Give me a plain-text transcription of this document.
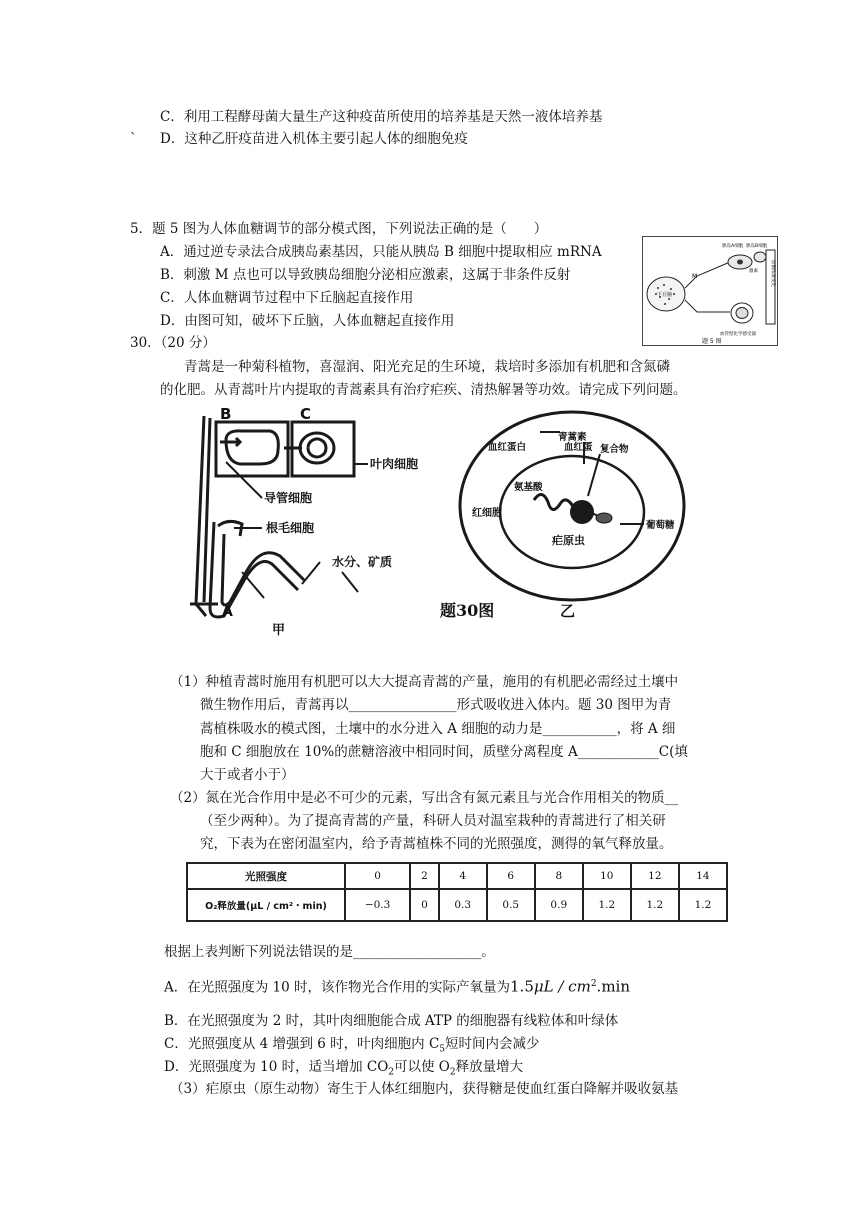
C．利用工程酵母菌大量生产这种疫苗所使用的培养基是天然一液体培养基
` D．这种乙肝疫苗进入机体主要引起人体的细胞免疫
5．题 5 图为人体血糖调节的部分模式图，下列说法正确的是（　　）
A．通过逆专录法合成胰岛素基因，只能从胰岛 B 细胞中提取相应 mRNA
B．刺激 M 点也可以导致胰岛细胞分泌相应激素，这属于非条件反射
C．人体血糖调节过程中下丘脑起直接作用
D．由图可知，破坏下丘脑，人体血糖起直接作用
下丘脑
M
胰岛A细胞 胰岛B细胞
激素
血管壁化学感受器
血糖浓度变化
题 5 图
30．（20 分）
青蒿是一种菊科植物，喜湿润、阳光充足的生环境，栽培时多添加有机肥和含氮磷
的化肥。从青蒿叶片内提取的青蒿素具有治疗疟疾、清热解暑等功效。请完成下列问题。
B	C
叶肉细胞
导管细胞
根毛细胞
水分、矿质
A
甲
青蒿素
血红蛋
血红蛋白	复合物
氨基酸
红细胞
葡萄糖
疟原虫
题30图	乙
（1）种植青蒿时施用有机肥可以大大提高青蒿的产量，施用的有机肥必需经过土壤中
微生物作用后，青蒿再以________________形式吸收进入体内。题 30 图甲为青
蒿植株吸水的模式图，土壤中的水分进入 A 细胞的动力是___________，将 A 细
胞和 C 细胞放在 10%的蔗糖溶液中相同时间，质壁分离程度 A____________C(填
大于或者小于）
（2）氮在光合作用中是必不可少的元素，写出含有氮元素且与光合作用相关的物质__
（至少两种）。为了提高青蒿的产量，科研人员对温室栽种的青蒿进行了相关研
究，下表为在密闭温室内，给予青蒿植株不同的光照强度，测得的氧气释放量。
光照强度	0	2	4	6	8	10	12	14
O₂释放量(μL / cm²・min)	−0.3	0	0.3	0.5	0.9	1.2	1.2	1.2
根据上表判断下列说法错误的是___________________。
A．在光照强度为 10 时，该作物光合作用的实际产氧量为$1.5\mu L / cm^2.\min$
B．在光照强度为 2 时，其叶肉细胞能合成 ATP 的细胞器有线粒体和叶绿体
C．光照强度从 4 增强到 6 时，叶肉细胞内 $C_5$短时间内会减少
D．光照强度为 10 时，适当增加 $CO_2$可以使 $O_2$释放量增大
（3）疟原虫（原生动物）寄生于人体红细胞内，获得糖是使血红蛋白降解并吸收氨基
